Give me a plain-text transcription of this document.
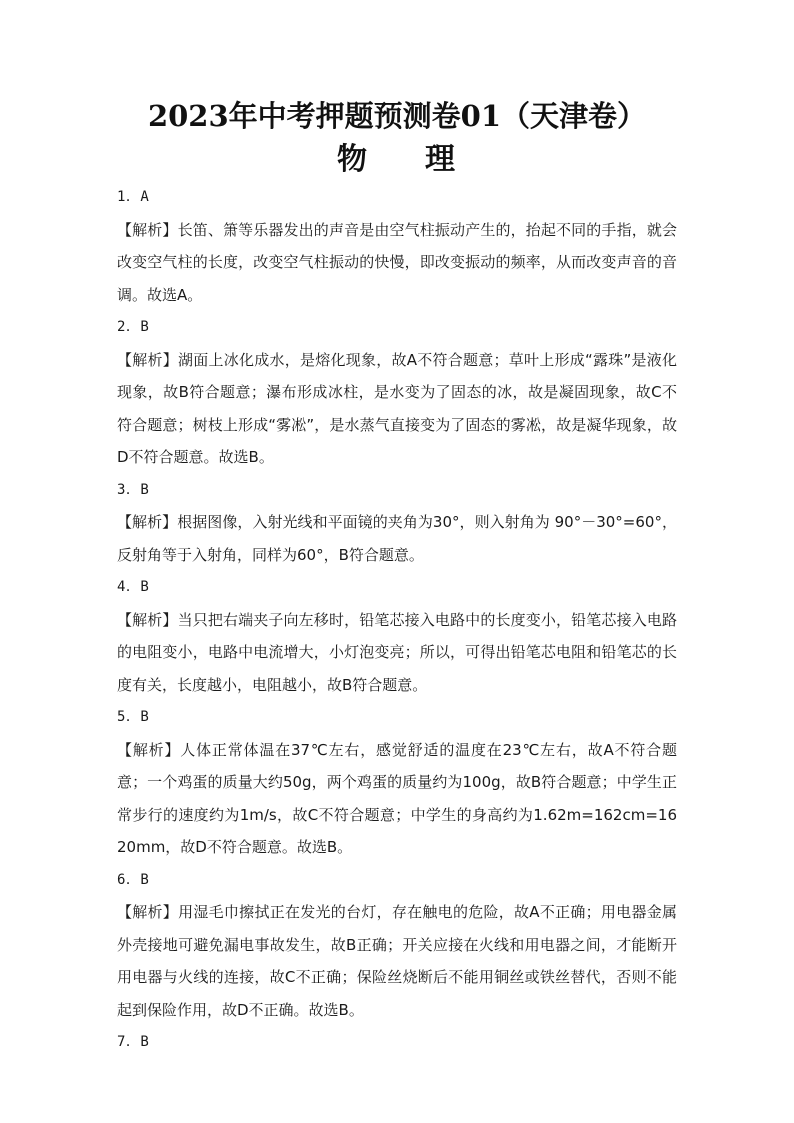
2023年中考押题预测卷01（天津卷）
物 理

1．A

【解析】长笛、箫等乐器发出的声音是由空气柱振动产生的，抬起不同的手指，就会改变空气柱的长度，改变空气柱振动的快慢，即改变振动的频率，从而改变声音的音调。故选A。

2．B

【解析】湖面上冰化成水，是熔化现象，故A不符合题意；草叶上形成“露珠”是液化现象，故B符合题意；瀑布形成冰柱，是水变为了固态的冰，故是凝固现象，故C不符合题意；树枝上形成“雾凇”，是水蒸气直接变为了固态的雾凇，故是凝华现象，故D不符合题意。故选B。

3．B

【解析】根据图像，入射光线和平面镜的夹角为30°，则入射角为 90°－30°=60°，反射角等于入射角，同样为60°，B符合题意。

4．B

【解析】当只把右端夹子向左移时，铅笔芯接入电路中的长度变小，铅笔芯接入电路的电阻变小，电路中电流增大，小灯泡变亮；所以，可得出铅笔芯电阻和铅笔芯的长度有关，长度越小，电阻越小，故B符合题意。

5．B

【解析】人体正常体温在37℃左右，感觉舒适的温度在23℃左右，故A不符合题意；一个鸡蛋的质量大约50g，两个鸡蛋的质量约为100g，故B符合题意；中学生正常步行的速度约为1m/s，故C不符合题意；中学生的身高约为1.62m=162cm=1620mm，故D不符合题意。故选B。

6．B

【解析】用湿毛巾擦拭正在发光的台灯，存在触电的危险，故A不正确；用电器金属外壳接地可避免漏电事故发生，故B正确；开关应接在火线和用电器之间，才能断开用电器与火线的连接，故C不正确；保险丝烧断后不能用铜丝或铁丝替代，否则不能起到保险作用，故D不正确。故选B。

7．B
